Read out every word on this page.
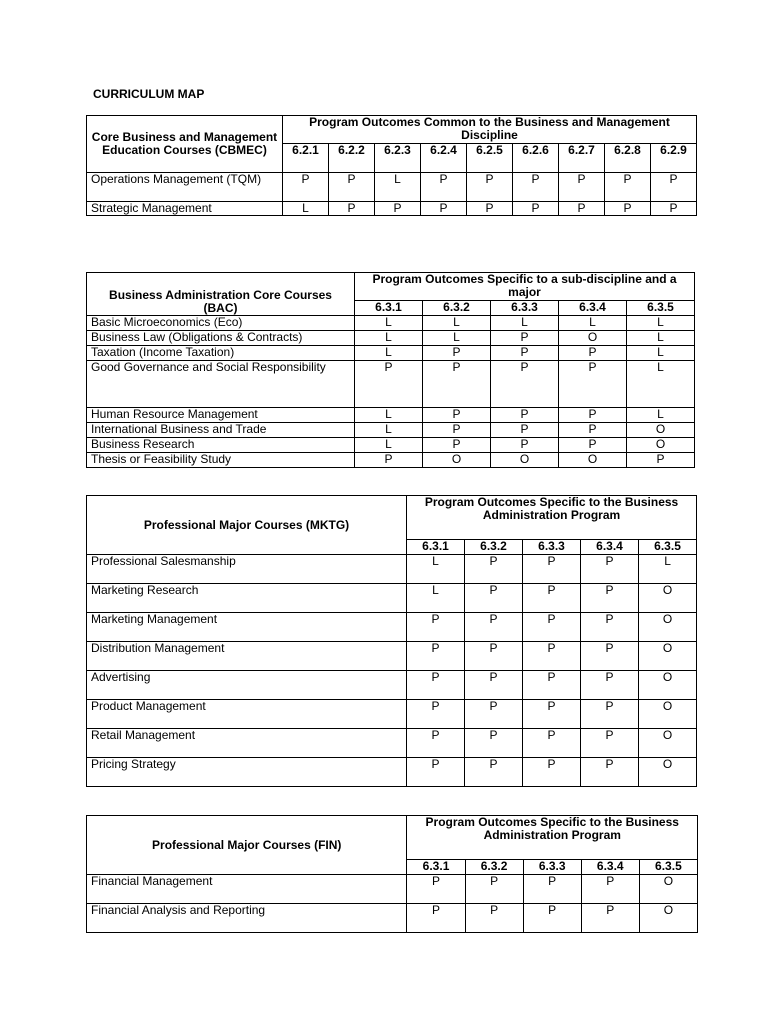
CURRICULUM MAP
Core Business and Management Education Courses (CBMEC)	Program Outcomes Common to the Business and Management Discipline								
	6.2.1	6.2.2	6.2.3	6.2.4	6.2.5	6.2.6	6.2.7	6.2.8	6.2.9
Operations Management (TQM)	P	P	L	P	P	P	P	P	P
Strategic Management	L	P	P	P	P	P	P	P	P
Business Administration Core Courses (BAC)	Program Outcomes Specific to a sub-discipline and a major				
	6.3.1	6.3.2	6.3.3	6.3.4	6.3.5
Basic Microeconomics (Eco)	L	L	L	L	L
Business Law (Obligations & Contracts)	L	L	P	O	L
Taxation (Income Taxation)	L	P	P	P	L
Good Governance and Social Responsibility	P	P	P	P	L
Human Resource Management	L	P	P	P	L
International Business and Trade	L	P	P	P	O
Business Research	L	P	P	P	O
Thesis or Feasibility Study	P	O	O	O	P
Professional Major Courses (MKTG)	Program Outcomes Specific to the Business Administration Program				
	6.3.1	6.3.2	6.3.3	6.3.4	6.3.5
Professional Salesmanship	L	P	P	P	L
Marketing Research	L	P	P	P	O
Marketing Management	P	P	P	P	O
Distribution Management	P	P	P	P	O
Advertising	P	P	P	P	O
Product Management	P	P	P	P	O
Retail Management	P	P	P	P	O
Pricing Strategy	P	P	P	P	O
Professional Major Courses (FIN)	Program Outcomes Specific to the Business Administration Program				
	6.3.1	6.3.2	6.3.3	6.3.4	6.3.5
Financial Management	P	P	P	P	O
Financial Analysis and Reporting	P	P	P	P	O
